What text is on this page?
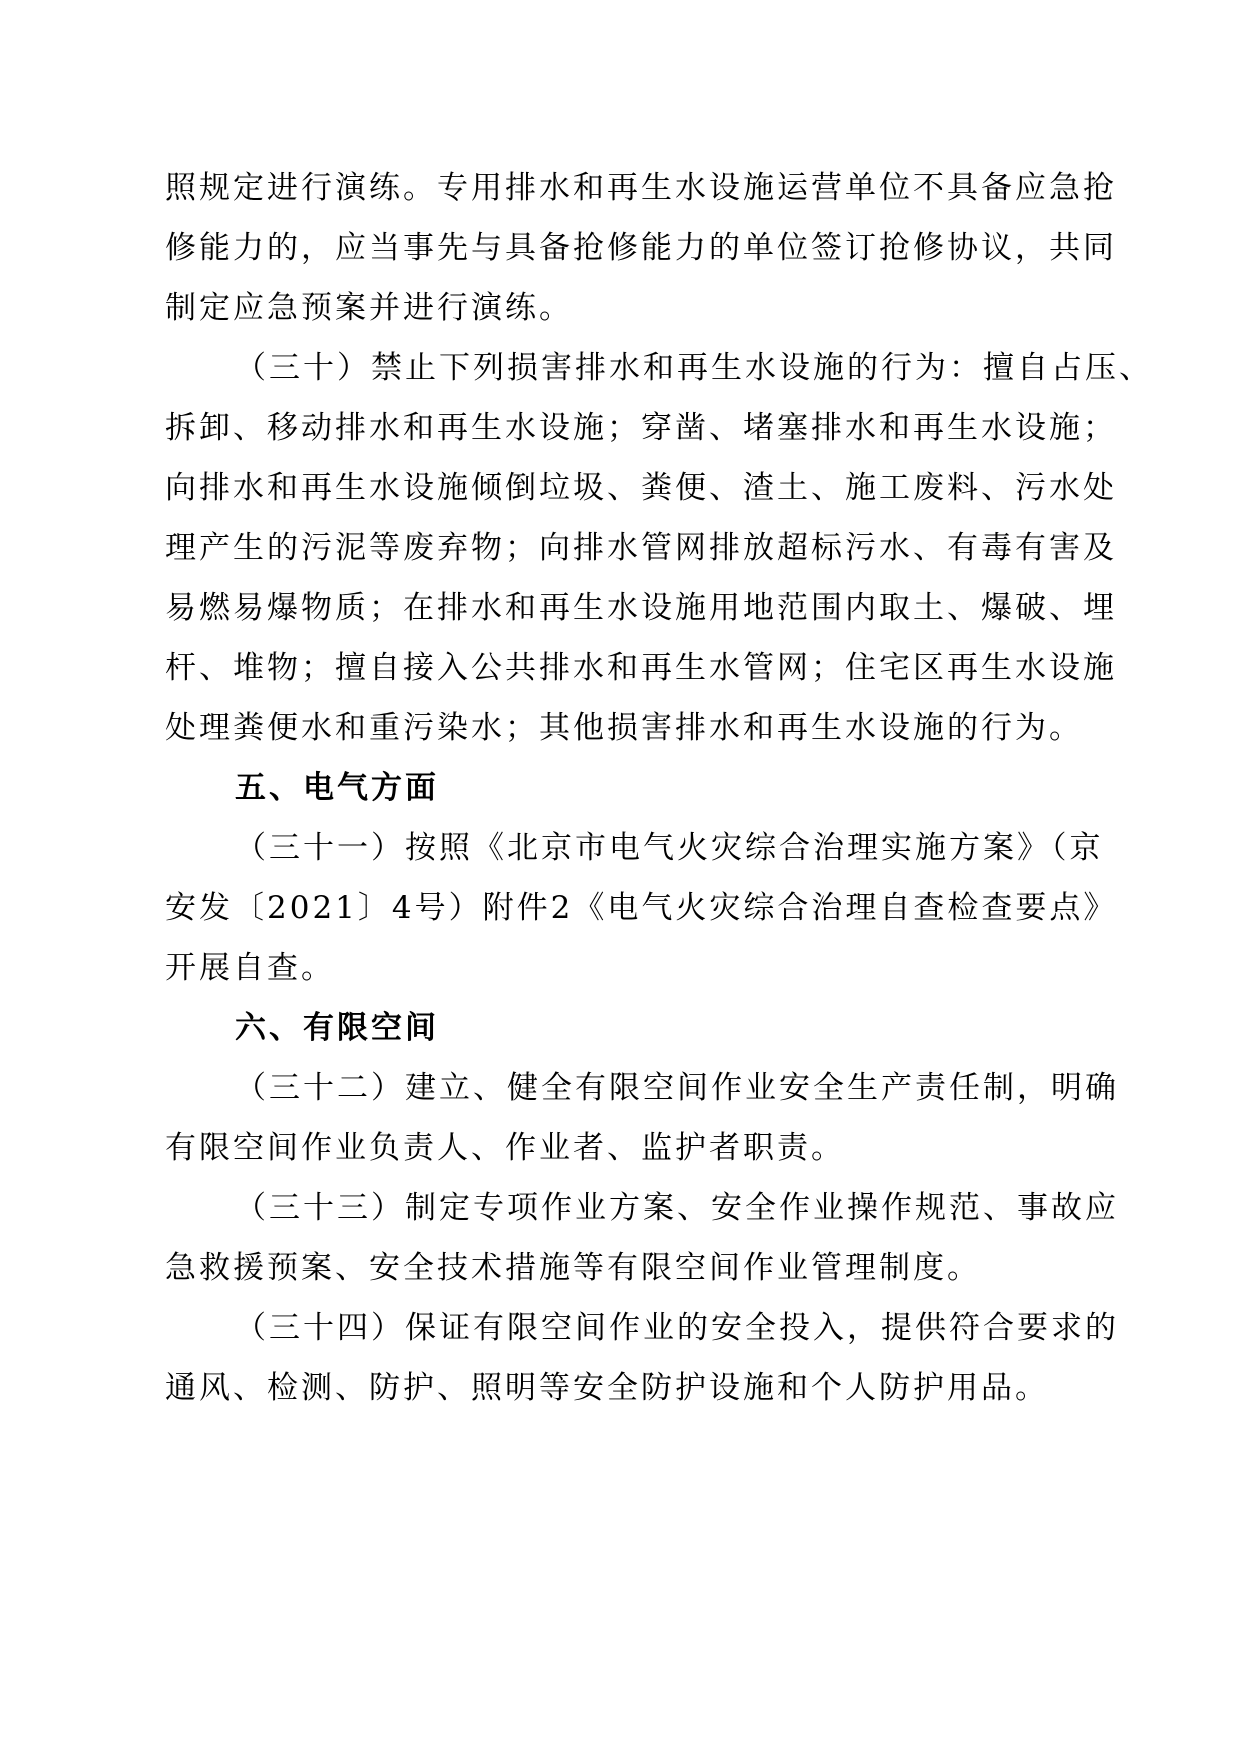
照规定进行演练。专用排水和再生水设施运营单位不具备应急抢
修能力的，应当事先与具备抢修能力的单位签订抢修协议，共同
制定应急预案并进行演练。
（三十）禁止下列损害排水和再生水设施的行为：擅自占压、
拆卸、移动排水和再生水设施；穿凿、堵塞排水和再生水设施；
向排水和再生水设施倾倒垃圾、粪便、渣土、施工废料、污水处
理产生的污泥等废弃物；向排水管网排放超标污水、有毒有害及
易燃易爆物质；在排水和再生水设施用地范围内取土、爆破、埋
杆、堆物；擅自接入公共排水和再生水管网；住宅区再生水设施
处理粪便水和重污染水；其他损害排水和再生水设施的行为。
五、电气方面
（三十一）按照《北京市电气火灾综合治理实施方案》（京
安发〔2021〕4号）附件2《电气火灾综合治理自查检查要点》
开展自查。
六、有限空间
（三十二）建立、健全有限空间作业安全生产责任制，明确
有限空间作业负责人、作业者、监护者职责。
（三十三）制定专项作业方案、安全作业操作规范、事故应
急救援预案、安全技术措施等有限空间作业管理制度。
（三十四）保证有限空间作业的安全投入，提供符合要求的
通风、检测、防护、照明等安全防护设施和个人防护用品。
